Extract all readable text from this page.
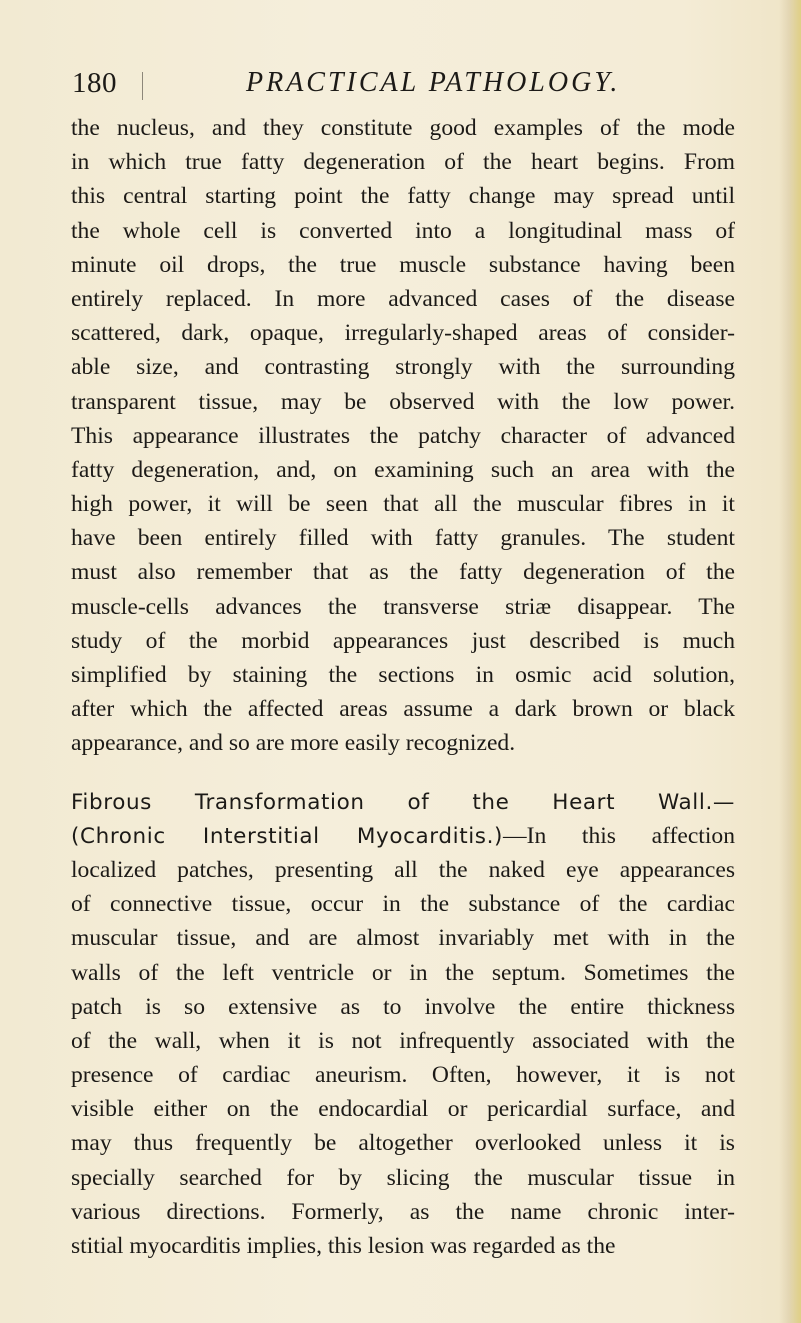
180	PRACTICAL PATHOLOGY.
the nucleus, and they constitute good examples of the mode
in which true fatty degeneration of the heart begins. From
this central starting point the fatty change may spread until
the whole cell is converted into a longitudinal mass of
minute oil drops, the true muscle substance having been
entirely replaced. In more advanced cases of the disease
scattered, dark, opaque, irregularly-shaped areas of consider-
able size, and contrasting strongly with the surrounding
transparent tissue, may be observed with the low power.
This appearance illustrates the patchy character of advanced
fatty degeneration, and, on examining such an area with the
high power, it will be seen that all the muscular fibres in it
have been entirely filled with fatty granules. The student
must also remember that as the fatty degeneration of the
muscle-cells advances the transverse striæ disappear. The
study of the morbid appearances just described is much
simplified by staining the sections in osmic acid solution,
after which the affected areas assume a dark brown or black
appearance, and so are more easily recognized.
Fibrous Transformation of the Heart Wall.—
(Chronic Interstitial Myocarditis.)—In this affection
localized patches, presenting all the naked eye appearances
of connective tissue, occur in the substance of the cardiac
muscular tissue, and are almost invariably met with in the
walls of the left ventricle or in the septum. Sometimes the
patch is so extensive as to involve the entire thickness
of the wall, when it is not infrequently associated with the
presence of cardiac aneurism. Often, however, it is not
visible either on the endocardial or pericardial surface, and
may thus frequently be altogether overlooked unless it is
specially searched for by slicing the muscular tissue in
various directions. Formerly, as the name chronic inter-
stitial myocarditis implies, this lesion was regarded as the
